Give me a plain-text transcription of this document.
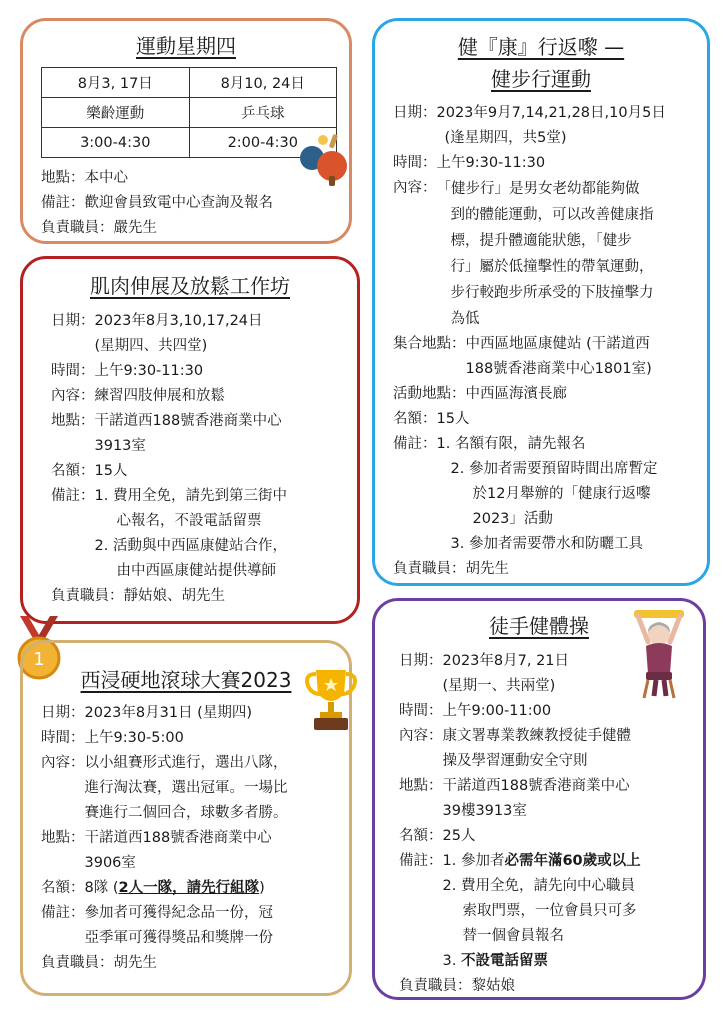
運動星期四
8月3, 17日	8月10, 24日
樂齡運動	乒乓球
3:00-4:30	2:00-4:30
地點： 本中心
備註： 歡迎會員致電中心查詢及報名
負責職員： 嚴先生
肌肉伸展及放鬆工作坊
日期： 2023年8月3,10,17,24日
(星期四、共四堂)
時間： 上午9:30-11:30
內容： 練習四肢伸展和放鬆
地點： 干諾道西188號香港商業中心
3913室
名額： 15人
備註： 1. 費用全免，請先到第三街中
心報名，不設電話留票
2. 活動與中西區康健站合作，
由中西區康健站提供導師
負責職員： 靜姑娘、胡先生
1
西浸硬地滾球大賽2023
日期： 2023年8月31日 (星期四)
時間： 上午9:30-5:00
內容： 以小組賽形式進行，選出八隊，
進行淘汰賽，選出冠軍。一場比
賽進行二個回合，球數多者勝。
地點： 干諾道西188號香港商業中心
3906室
名額： 8隊 (2人一隊，請先行組隊)
備註： 參加者可獲得紀念品一份，冠
亞季軍可獲得獎品和獎牌一份
負責職員： 胡先生
健『康』行返嚟 —
健步行運動
日期： 2023年9月7,14,21,28日,10月5日
(逢星期四，共5堂)
時間： 上午9:30-11:30
內容： 「健步行」是男女老幼都能夠做
到的體能運動，可以改善健康指
標，提升體適能狀態，「健步
行」屬於低撞擊性的帶氧運動，
步行較跑步所承受的下肢撞擊力
為低
集合地點： 中西區地區康健站 (干諾道西
188號香港商業中心1801室)
活動地點： 中西區海濱長廊
名額： 15人
備註： 1. 名額有限，請先報名
2. 參加者需要預留時間出席暫定
於12月舉辦的「健康行返嚟
2023」活動
3. 參加者需要帶水和防曬工具
負責職員： 胡先生
徒手健體操
日期： 2023年8月7, 21日
(星期一、共兩堂)
時間： 上午9:00-11:00
內容： 康文署專業教練教授徒手健體
操及學習運動安全守則
地點： 干諾道西188號香港商業中心
39樓3913室
名額： 25人
備註： 1. 參加者必需年滿60歲或以上
2. 費用全免，請先向中心職員
索取門票，一位會員只可多
替一個會員報名
3. 不設電話留票
負責職員： 黎姑娘
